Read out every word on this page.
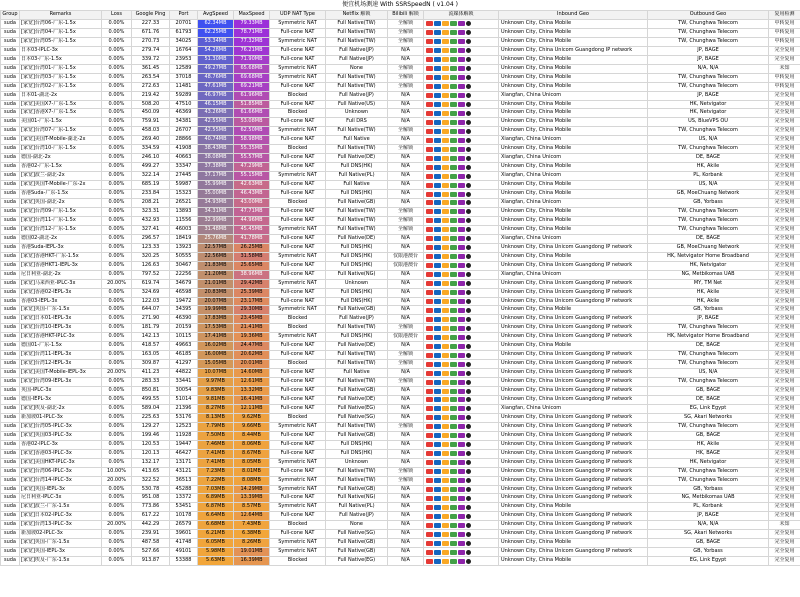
便宜机场测速 With SSRSpeedN ( v1.04 )
Group	Remarks	Loss	Google Ping	Port	AvgSpeed	MaxSpeed	UDP NAT Type	Netflix 解锁	Bilibili 解锁	流媒体解锁	Inbound Geo	Outbound Geo	复用检测
suda	[家宽]台湾06-广东-1.5x	0.00%	227.33	20701	62.34MB	79.33MB	Symmetric NAT	Full Native(TW)	全解锁		Unknown City, China Mobile	TW, Chunghwa Telecom	中转复用
suda	[家宽]台湾04-广东-1.5x	0.00%	671.76	61793	62.25MB	78.71MB	Full-cone NAT	Full Native(TW)	全解锁		Unknown City, China Mobile	TW, Chunghwa Telecom	中转复用
suda	[家宽]台湾05-广东-1.5x	0.00%	270.73	34025	53.34MB	77.32MB	Symmetric NAT	Full Native(TW)	全解锁		Unknown City, China Mobile	TW, Chunghwa Telecom	中转复用
suda	日本03-IPLC-3x	0.00%	279.74	16764	54.28MB	76.21MB	Full-cone NAT	Full Native(JP)	N/A		Unknown City, China Unicom Guangdong IP network	JP, BAGE	完全复用
suda	日本03-广东-1.5x	0.00%	339.72	23953	51.30MB	71.90MB	Full-cone NAT	Full Native(JP)	N/A		Unknown City, China Mobile	JP, BAGE	完全复用
suda	[家宽]台湾01-广东-1.5x	0.00%	361.45	12589	49.27MB	65.68MB	Symmetric NAT	None	全解锁		Unknown City, China Mobile	N/A, N/A	未知
suda	[家宽]台湾03-广东-1.5x	0.00%	263.54	37018	48.76MB	69.68MB	Symmetric NAT	Full Native(TW)	全解锁		Unknown City, China Mobile	TW, Chunghwa Telecom	中转复用
suda	[家宽]台湾02-广东-1.5x	0.00%	272.63	11481	47.61MB	69.21MB	Full-cone NAT	Full Native(TW)	全解锁		Unknown City, China Mobile	TW, Chunghwa Telecom	中转复用
suda	日本01-湖北-2x	0.00%	219.42	59289	46.97MB	61.96MB	Blocked	Full Native(JP)	N/A		Xiangfan, China Unicom	JP, BAGE	完全复用
suda	[家宽]美国X7-广东-1.5x	0.00%	508.20	47510	46.15MB	51.85MB	Full-cone NAT	Full Native(US)	N/A		Unknown City, China Mobile	HK, Netvigator	完全复用
suda	[家宽]香港X7-广东-1.5x	0.00%	450.09	46369	43.26MB	61.66MB	Blocked	Unknown	N/A		Unknown City, China Mobile	HK, Netvigator	完全复用
suda	美国01-广东-1.5x	0.00%	759.91	34381	42.55MB	53.08MB	Full-cone NAT	Full DRS	N/A		Unknown City, China Mobile	US, BlueVPS OU	完全复用
suda	[家宽]台湾07-广东-1.5x	0.00%	458.03	26707	42.55MB	62.50MB	Symmetric NAT	Full Native(TW)	全解锁		Unknown City, China Mobile	TW, Chunghwa Telecom	完全复用
suda	[家宽]美国T-Mobile-湖北-2x	0.00%	269.40	28866	40.74MB	58.98MB	Full-cone NAT	Full Native	N/A		Xiangfan, China Unicom	US, N/A	完全复用
suda	[家宽]台湾10-广东-1.5x	0.00%	334.59	41908	38.43MB	55.35MB	Blocked	Full Native(TW)	全解锁		Unknown City, China Mobile	TW, Chunghwa Telecom	完全复用
suda	德国-湖北-2x	0.00%	246.10	40663	38.08MB	55.57MB	Full-cone NAT	Full Native(DE)	N/A		Xiangfan, China Unicom	DE, BAGE	完全复用
suda	香港02-广东-1.5x	0.00%	499.27	33347	37.38MB	47.29MB	Full-cone NAT	Full DNS(HK)	N/A		Unknown City, China Mobile	HK, Akile	完全复用
suda	[家宽]波兰-湖北-2x	0.00%	322.14	27445	37.17MB	55.15MB	Symmetric NAT	Full Native(PL)	N/A		Xiangfan, China Unicom	PL, Korbank	完全复用
suda	[家宽]英国T-Mobile-广东-2x	0.00%	685.19	59987	35.99MB	42.63MB	Full-cone NAT	Full Native	N/A		Unknown City, China Mobile	US, N/A	完全复用
suda	香港Suda-广东-1.5x	0.00%	233.84	15323	35.00MB	46.43MB	Full-cone NAT	Full DNS(HK)	N/A		Unknown City, China Mobile	GB, MoeChuang Network	完全复用
suda	[家宽]英国-湖北-2x	0.00%	208.21	26521	34.93MB	43.00MB	Blocked	Full Native(GB)	N/A		Xiangfan, China Unicom	GB, Yorbass	完全复用
suda	[家宽]台湾09-广东-1.5x	0.00%	323.31	13893	34.31MB	47.71MB	Full-cone NAT	Full Native(TW)	全解锁		Unknown City, China Mobile	TW, Chunghwa Telecom	完全复用
suda	[家宽]台湾11-广东-1.5x	0.00%	432.93	11556	32.99MB	44.96MB	Full-cone NAT	Full Native(TW)	全解锁		Unknown City, China Mobile	TW, Chunghwa Telecom	完全复用
suda	[家宽]台湾12-广东-1.5x	0.00%	327.41	46003	31.48MB	45.45MB	Symmetric NAT	Full Native(TW)	全解锁		Unknown City, China Mobile	TW, Chunghwa Telecom	完全复用
suda	德国02-湖北-2x	0.00%	296.57	18419	25.76MB	41.78MB	Full-cone NAT	Full Native(DE)	N/A		Xiangfan, China Unicom	DE, BAGE	完全复用
suda	香港Suda-IEPL-3x	0.00%	123.33	13923	22.57MB	26.25MB	Full-cone NAT	Full DNS(HK)	N/A		Unknown City, China Unicom Guangdong IP network	GB, MoeChuang Network	完全复用
suda	[家宽]香港HKT-广东-1.5x	0.00%	320.25	50555	22.56MB	31.58MB	Symmetric NAT	Full DNS(HK)	仅限港澳台		Unknown City, China Mobile	HK, Netvigator Home Broadband	完全复用
suda	[家宽]香港HKT1-IEPL-3x	0.00%	126.63	30467	21.83MB	25.65MB	Full-cone NAT	Full DNS(HK)	仅限港澳台		Unknown City, China Unicom Guangdong IP network	HK, Netvigator	完全复用
suda	尼日利亚-湖北-2x	0.00%	797.52	22256	21.20MB	38.96MB	Full-cone NAT	Full Native(NG)	N/A		Xiangfan, China Unicom	NG, Metbikomas UAB	完全复用
suda	[家宽]马来西亚-IPLC-3x	20.00%	619.74	34679	21.01MB	29.42MB	Symmetric NAT	Unknown	N/A		Unknown City, China Unicom Guangdong IP network	MY, TM Net	完全复用
suda	[家宽]香港02-IEPL-3x	0.00%	324.69	46598	20.83MB	25.39MB	Full-cone NAT	Full DNS(HK)	N/A		Unknown City, China Unicom Guangdong IP network	HK, Akile	完全复用
suda	香港03-IEPL-3x	0.00%	122.03	19472	20.07MB	23.17MB	Full-cone NAT	Full DNS(HK)	N/A		Unknown City, China Unicom Guangdong IP network	HK, Akile	完全复用
suda	[家宽]英国-广东-1.5x	0.00%	644.07	34395	19.99MB	29.30MB	Symmetric NAT	Full Native(GB)	N/A		Unknown City, China Mobile	GB, Yorbass	完全复用
suda	[家宽]日本01-IEPL-3x	0.00%	271.90	46390	17.83MB	23.45MB	Blocked	Full Native(JP)	N/A		Unknown City, China Unicom Guangdong IP network	JP, BAGE	完全复用
suda	[家宽]台湾10-IEPL-3x	0.00%	181.79	20159	17.53MB	21.41MB	Blocked	Full Native(TW)	全解锁		Unknown City, China Unicom Guangdong IP network	TW, Chunghwa Telecom	完全复用
suda	[家宽]香港HKT-IPLC-3x	0.00%	142.13	10115	17.41MB	19.36MB	Symmetric NAT	Full DNS(HK)	仅限港澳台		Unknown City, China Unicom Guangdong IP network	HK, Netvigator Home Broadband	完全复用
suda	德国01-广东-1.5x	0.00%	418.57	49663	16.02MB	24.47MB	Full-cone NAT	Full Native(DE)	N/A		Unknown City, China Mobile	DE, BAGE	完全复用
suda	[家宽]台湾11-IEPL-3x	0.00%	163.05	46185	16.00MB	20.62MB	Full-cone NAT	Full Native(TW)	全解锁		Unknown City, China Unicom Guangdong IP network	TW, Chunghwa Telecom	完全复用
suda	[家宽]台湾12-IEPL-3x	0.00%	309.87	41297	15.05MB	20.01MB	Blocked	Full Native(TW)	全解锁		Unknown City, China Unicom Guangdong IP network	TW, Chunghwa Telecom	完全复用
suda	[家宽]美国T-Mobile-IEPL-3x	20.00%	411.23	44822	10.07MB	14.60MB	Full-cone NAT	Full Native	N/A		Unknown City, China Unicom Guangdong IP network	US, N/A	完全复用
suda	[家宽]台湾09-IEPL-3x	0.00%	283.33	33441	9.97MB	12.61MB	Full-cone NAT	Full Native(TW)	全解锁		Unknown City, China Unicom Guangdong IP network	TW, Chunghwa Telecom	完全复用
suda	英国-IPLC-3x	0.00%	850.81	30054	9.83MB	13.32MB	Full-cone NAT	Full Native(GB)	N/A		Unknown City, China Unicom Guangdong IP network	GB, BAGE	完全复用
suda	德国-IEPL-3x	0.00%	499.55	51014	9.81MB	16.41MB	Full-cone NAT	Full Native(DE)	N/A		Unknown City, China Unicom Guangdong IP network	DE, BAGE	完全复用
suda	[家宽]埃及-湖北-2x	0.00%	589.04	21396	8.27MB	12.11MB	Full-cone NAT	Full Native(EG)	N/A		Xiangfan, China Unicom	EG, Link Egypt	完全复用
suda	新加坡01-IPLC-3x	0.00%	225.63	53176	8.13MB	9.62MB	Blocked	Full Native(SG)	N/A		Unknown City, China Unicom Guangdong IP network	SG, Akari Networks	完全复用
suda	[家宽]台湾05-IPLC-3x	0.00%	129.27	12523	7.79MB	9.66MB	Symmetric NAT	Full Native(TW)	全解锁		Unknown City, China Unicom Guangdong IP network	TW, Chunghwa Telecom	完全复用
suda	[家宽]英国03-IPLC-3x	0.00%	199.46	11928	7.50MB	8.44MB	Full-cone NAT	Full Native(GB)	N/A		Unknown City, China Unicom Guangdong IP network	GB, BAGE	完全复用
suda	香港02-IPLC-3x	0.00%	120.53	19447	7.46MB	8.06MB	Full-cone NAT	Full DNS(HK)	N/A		Unknown City, China Unicom Guangdong IP network	HK, Akile	完全复用
suda	[家宽]香港03-IPLC-3x	0.00%	120.13	46427	7.41MB	8.67MB	Full-cone NAT	Full DNS(HK)	N/A		Unknown City, China Unicom Guangdong IP network	HK, BAGE	完全复用
suda	[家宽]美国HKT-IPLC-3x	0.00%	132.17	13171	7.41MB	8.05MB	Symmetric NAT	Unknown	N/A		Unknown City, China Unicom Guangdong IP network	HK, Netvigator	完全复用
suda	[家宽]台湾06-IPLC-3x	10.00%	413.65	43121	7.23MB	8.01MB	Full-cone NAT	Full Native(TW)	全解锁		Unknown City, China Unicom Guangdong IP network	TW, Chunghwa Telecom	完全复用
suda	[家宽]台湾14-IPLC-3x	20.00%	322.52	36513	7.22MB	8.08MB	Symmetric NAT	Full Native(TW)	全解锁		Unknown City, China Unicom Guangdong IP network	TW, Chunghwa Telecom	完全复用
suda	[家宽]英国-IEPL-3x	0.00%	530.78	45288	7.03MB	14.29MB	Symmetric NAT	Full Native(GB)	N/A		Unknown City, China Unicom Guangdong IP network	GB, Yorbass	完全复用
suda	尼日利亚-IPLC-3x	0.00%	951.08	13372	6.89MB	13.39MB	Full-cone NAT	Full Native(NG)	N/A		Unknown City, China Unicom Guangdong IP network	NG, Metbikomas UAB	完全复用
suda	[家宽]波兰-广东-1.5x	0.00%	773.86	53451	6.87MB	8.57MB	Symmetric NAT	Full Native(PL)	N/A		Unknown City, China Mobile	PL, Korbank	完全复用
suda	[家宽]日本02-IPLC-3x	0.00%	617.22	10178	6.64MB	12.64MB	Full-cone NAT	Full Native(JP)	N/A		Unknown City, China Unicom Guangdong IP network	JP, BAGE	完全复用
suda	[家宽]台湾13-IPLC-3x	20.00%	442.29	26579	6.68MB	7.43MB	Blocked	None	N/A		Unknown City, China Unicom Guangdong IP network	N/A, N/A	未知
suda	新加坡02-IPLC-3x	0.00%	239.91	39601	6.21MB	6.38MB	Full-cone NAT	Full Native(SG)	N/A		Unknown City, China Unicom Guangdong IP network	SG, Akari Networks	完全复用
suda	[家宽]英国-广东-1.5x	0.00%	487.58	41748	6.05MB	8.26MB	Symmetric NAT	Full Native(GB)	N/A		Unknown City, China Mobile	GB, BAGE	完全复用
suda	[家宽]英国-IEPL-3x	0.00%	527.66	49101	5.98MB	19.01MB	Symmetric NAT	Full Native(GB)	N/A		Unknown City, China Unicom Guangdong IP network	GB, Yorbass	完全复用
suda	[家宽]埃及-广东-1.5x	0.00%	913.87	53388	5.63MB	16.39MB	Blocked	Full Native(EG)	N/A		Unknown City, China Mobile	EG, Link Egypt	完全复用
